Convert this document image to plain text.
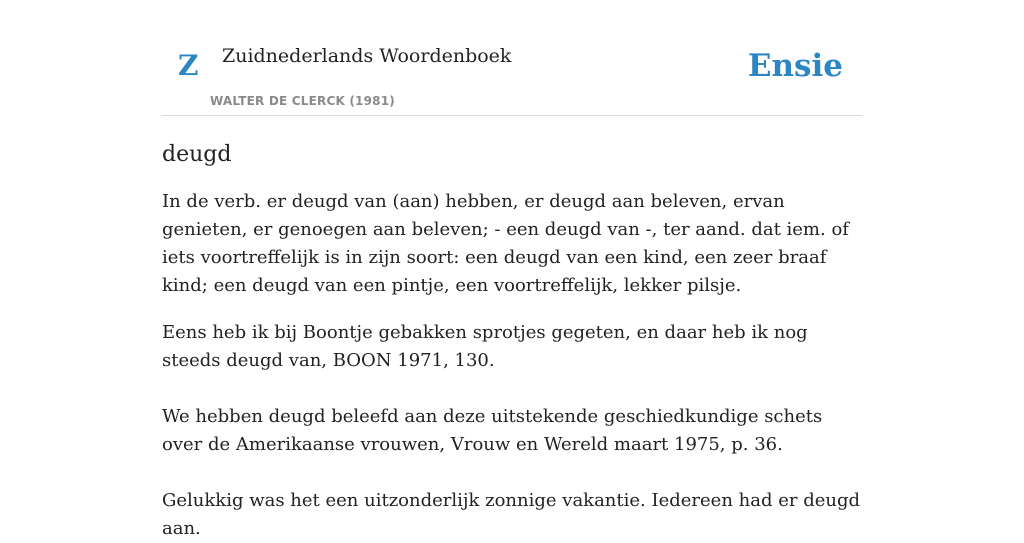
Z Zuidnederlands Woordenboek
WALTER DE CLERCK (1981)
Ensie
deugd

In de verb. er deugd van (aan) hebben, er deugd aan beleven, ervan genieten, er genoegen aan beleven; - een deugd van -, ter aand. dat iem. of iets voortreffelijk is in zijn soort: een deugd van een kind, een zeer braaf kind; een deugd van een pintje, een voortreffelijk, lekker pilsje.

Eens heb ik bij Boontje gebakken sprotjes gegeten, en daar heb ik nog steeds deugd van, BOON 1971, 130.

We hebben deugd beleefd aan deze uitstekende geschiedkundige schets over de Amerikaanse vrouwen, Vrouw en Wereld maart 1975, p. 36.

Gelukkig was het een uitzonderlijk zonnige vakantie. Iedereen had er deugd aan.
